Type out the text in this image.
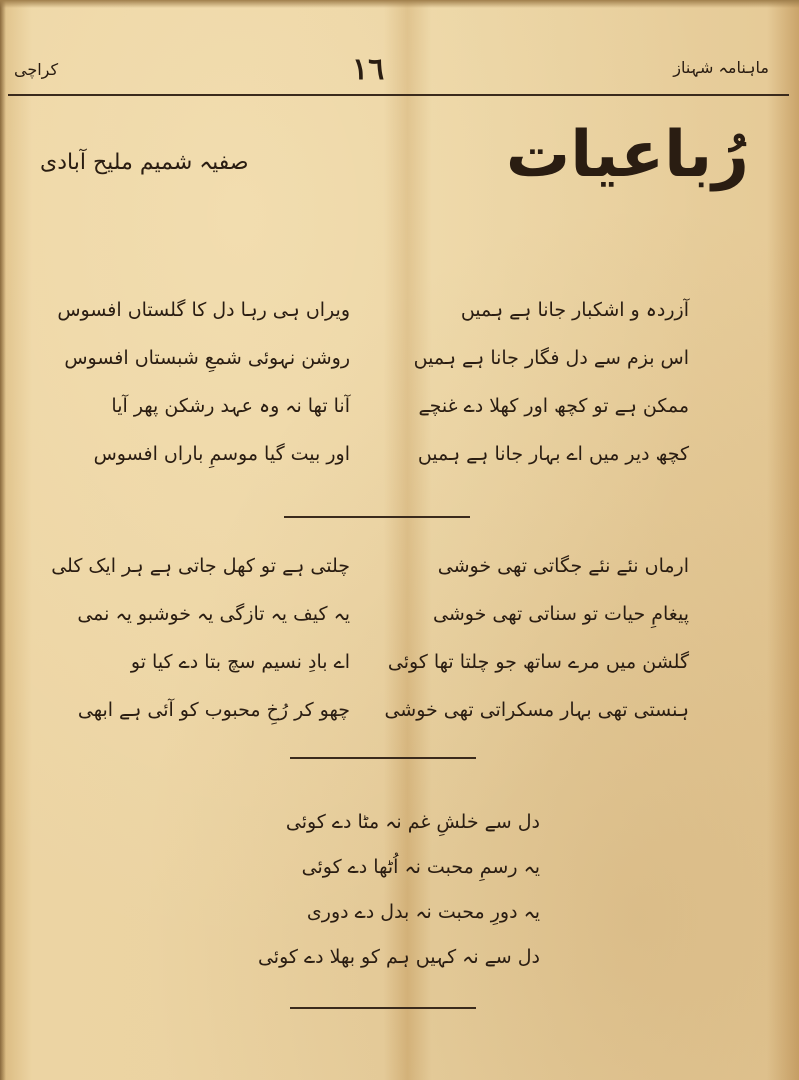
ماہنامہ شہناز
١٦
کراچی
رُباعیات
صفیہ شمیم ملیح آبادی
آزردہ و اشکبار جانا ہے ہمیں
اس بزم سے دل فگار جانا ہے ہمیں
ممکن ہے تو کچھ اور کھلا دے غنچے
کچھ دیر میں اے بہار جانا ہے ہمیں
ویراں ہی رہا دل کا گلستاں افسوس
روشن نہوئی شمعِ شبستاں افسوس
آنا تھا نہ وہ عہد رشکن پھر آیا
اور بیت گیا موسمِ باراں افسوس
ارماں نئے نئے جگاتی تھی خوشی
پیغامِ حیات تو سناتی تھی خوشی
گلشن میں مرے ساتھ جو چلتا تھا کوئی
ہنستی تھی بہار مسکراتی تھی خوشی
چلتی ہے تو کھل جاتی ہے ہر ایک کلی
یہ کیف یہ تازگی یہ خوشبو یہ نمی
اے بادِ نسیم سچ بتا دے کیا تو
چھو کر رُخِ محبوب کو آئی ہے ابھی
دل سے خلشِ غم نہ مٹا دے کوئی
یہ رسمِ محبت نہ اُٹھا دے کوئی
یہ دورِ محبت نہ بدل دے دوری
دل سے نہ کہیں ہم کو بھلا دے کوئی
